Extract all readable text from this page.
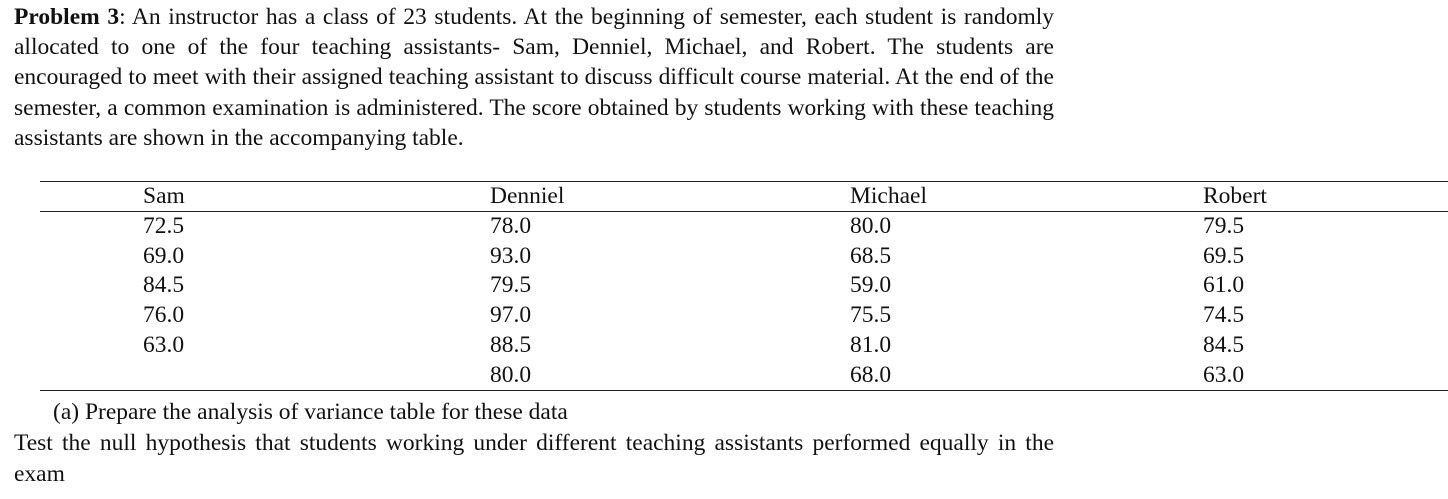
Problem 3: An instructor has a class of 23 students. At the beginning of semester, each student is randomly allocated to one of the four teaching assistants- Sam, Denniel, Michael, and Robert. The students are encouraged to meet with their assigned teaching assistant to discuss difficult course material. At the end of the semester, a common examination is administered. The score obtained by students working with these teaching assistants are shown in the accompanying table.

Sam	Denniel	Michael	Robert
72.5	78.0	80.0	79.5
69.0	93.0	68.5	69.5
84.5	79.5	59.0	61.0
76.0	97.0	75.5	74.5
63.0	88.5	81.0	84.5
	80.0	68.0	63.0

(a) Prepare the analysis of variance table for these data

Test the null hypothesis that students working under different teaching assistants performed equally in the exam
